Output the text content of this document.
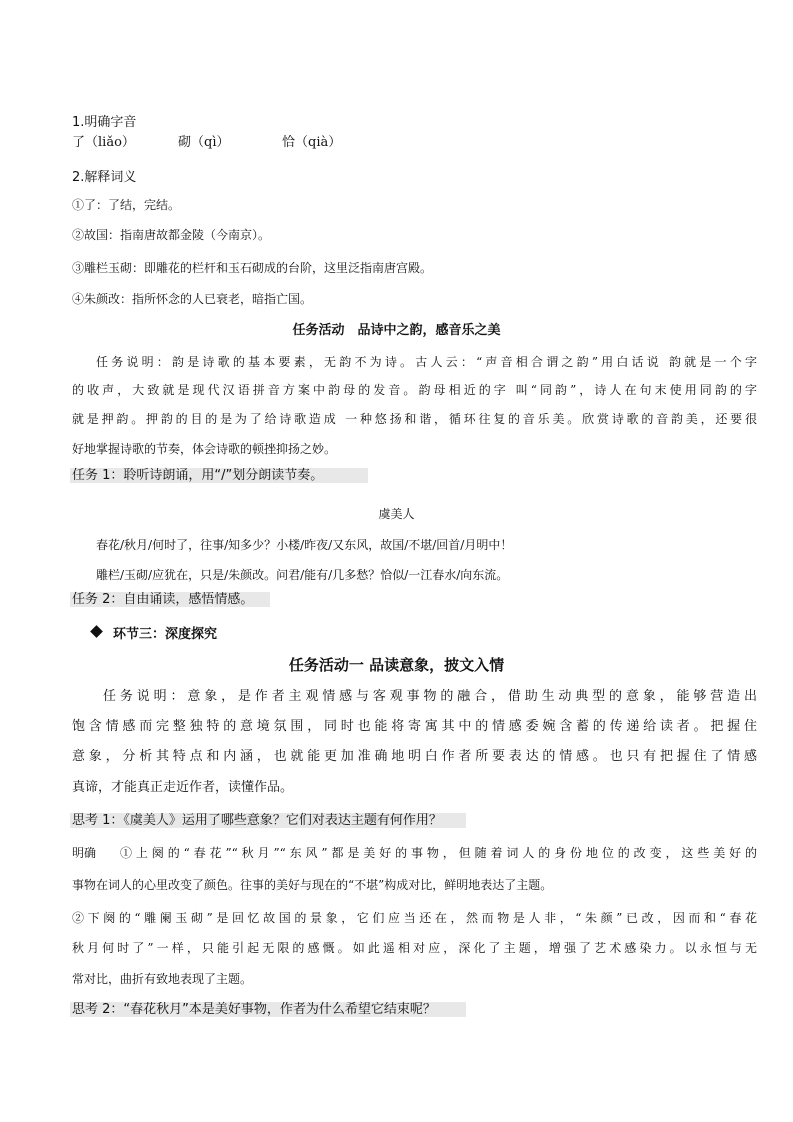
1.明确字音
了（liǎo）	砌（qì）	恰（qià）
2.解释词义
①了：了结，完结。
②故国：指南唐故都金陵（今南京）。
③雕栏玉砌：即雕花的栏杆和玉石砌成的台阶，这里泛指南唐宫殿。
④朱颜改：指所怀念的人已衰老，暗指亡国。
任务活动　品诗中之韵，感音乐之美
任务说明：韵是诗歌的基本要素，无韵不为诗。古人云：“声音相合谓之韵”用白话说 韵就是一个字
的收声，大致就是现代汉语拼音方案中韵母的发音。韵母相近的字 叫“同韵”，诗人在句末使用同韵的字
就是押韵。押韵的目的是为了给诗歌造成 一种悠扬和谐，循环往复的音乐美。欣赏诗歌的音韵美，还要很
好地掌握诗歌的节奏，体会诗歌的顿挫抑扬之妙。
任务 1：聆听诗朗诵，用“/”划分朗读节奏。
虞美人
春花/秋月/何时了，往事/知多少？小楼/昨夜/又东风，故国/不堪/回首/月明中！
雕栏/玉砌/应犹在，只是/朱颜改。问君/能有/几多愁？恰似/一江春水/向东流。
任务 2：自由诵读，感悟情感。
环节三：深度探究
任务活动一 品读意象，披文入情
任务说明：意象，是作者主观情感与客观事物的融合，借助生动典型的意象，能够营造出
饱含情感而完整独特的意境氛围，同时也能将寄寓其中的情感委婉含蓄的传递给读者。把握住
意象，分析其特点和内涵，也就能更加准确地明白作者所要表达的情感。也只有把握住了情感
真谛，才能真正走近作者，读懂作品。
思考 1：《虞美人》运用了哪些意象？它们对表达主题有何作用？
明确 ①上阕的“春花”“秋月”“东风”都是美好的事物，但随着词人的身份地位的改变，这些美好的
事物在词人的心里改变了颜色。往事的美好与现在的“不堪”构成对比，鲜明地表达了主题。
②下阕的“雕阑玉砌”是回忆故国的景象，它们应当还在，然而物是人非，“朱颜”已改，因而和“春花
秋月何时了”一样，只能引起无限的感慨。如此遥相对应，深化了主题，增强了艺术感染力。以永恒与无
常对比，曲折有致地表现了主题。
思考 2：“春花秋月”本是美好事物，作者为什么希望它结束呢？
